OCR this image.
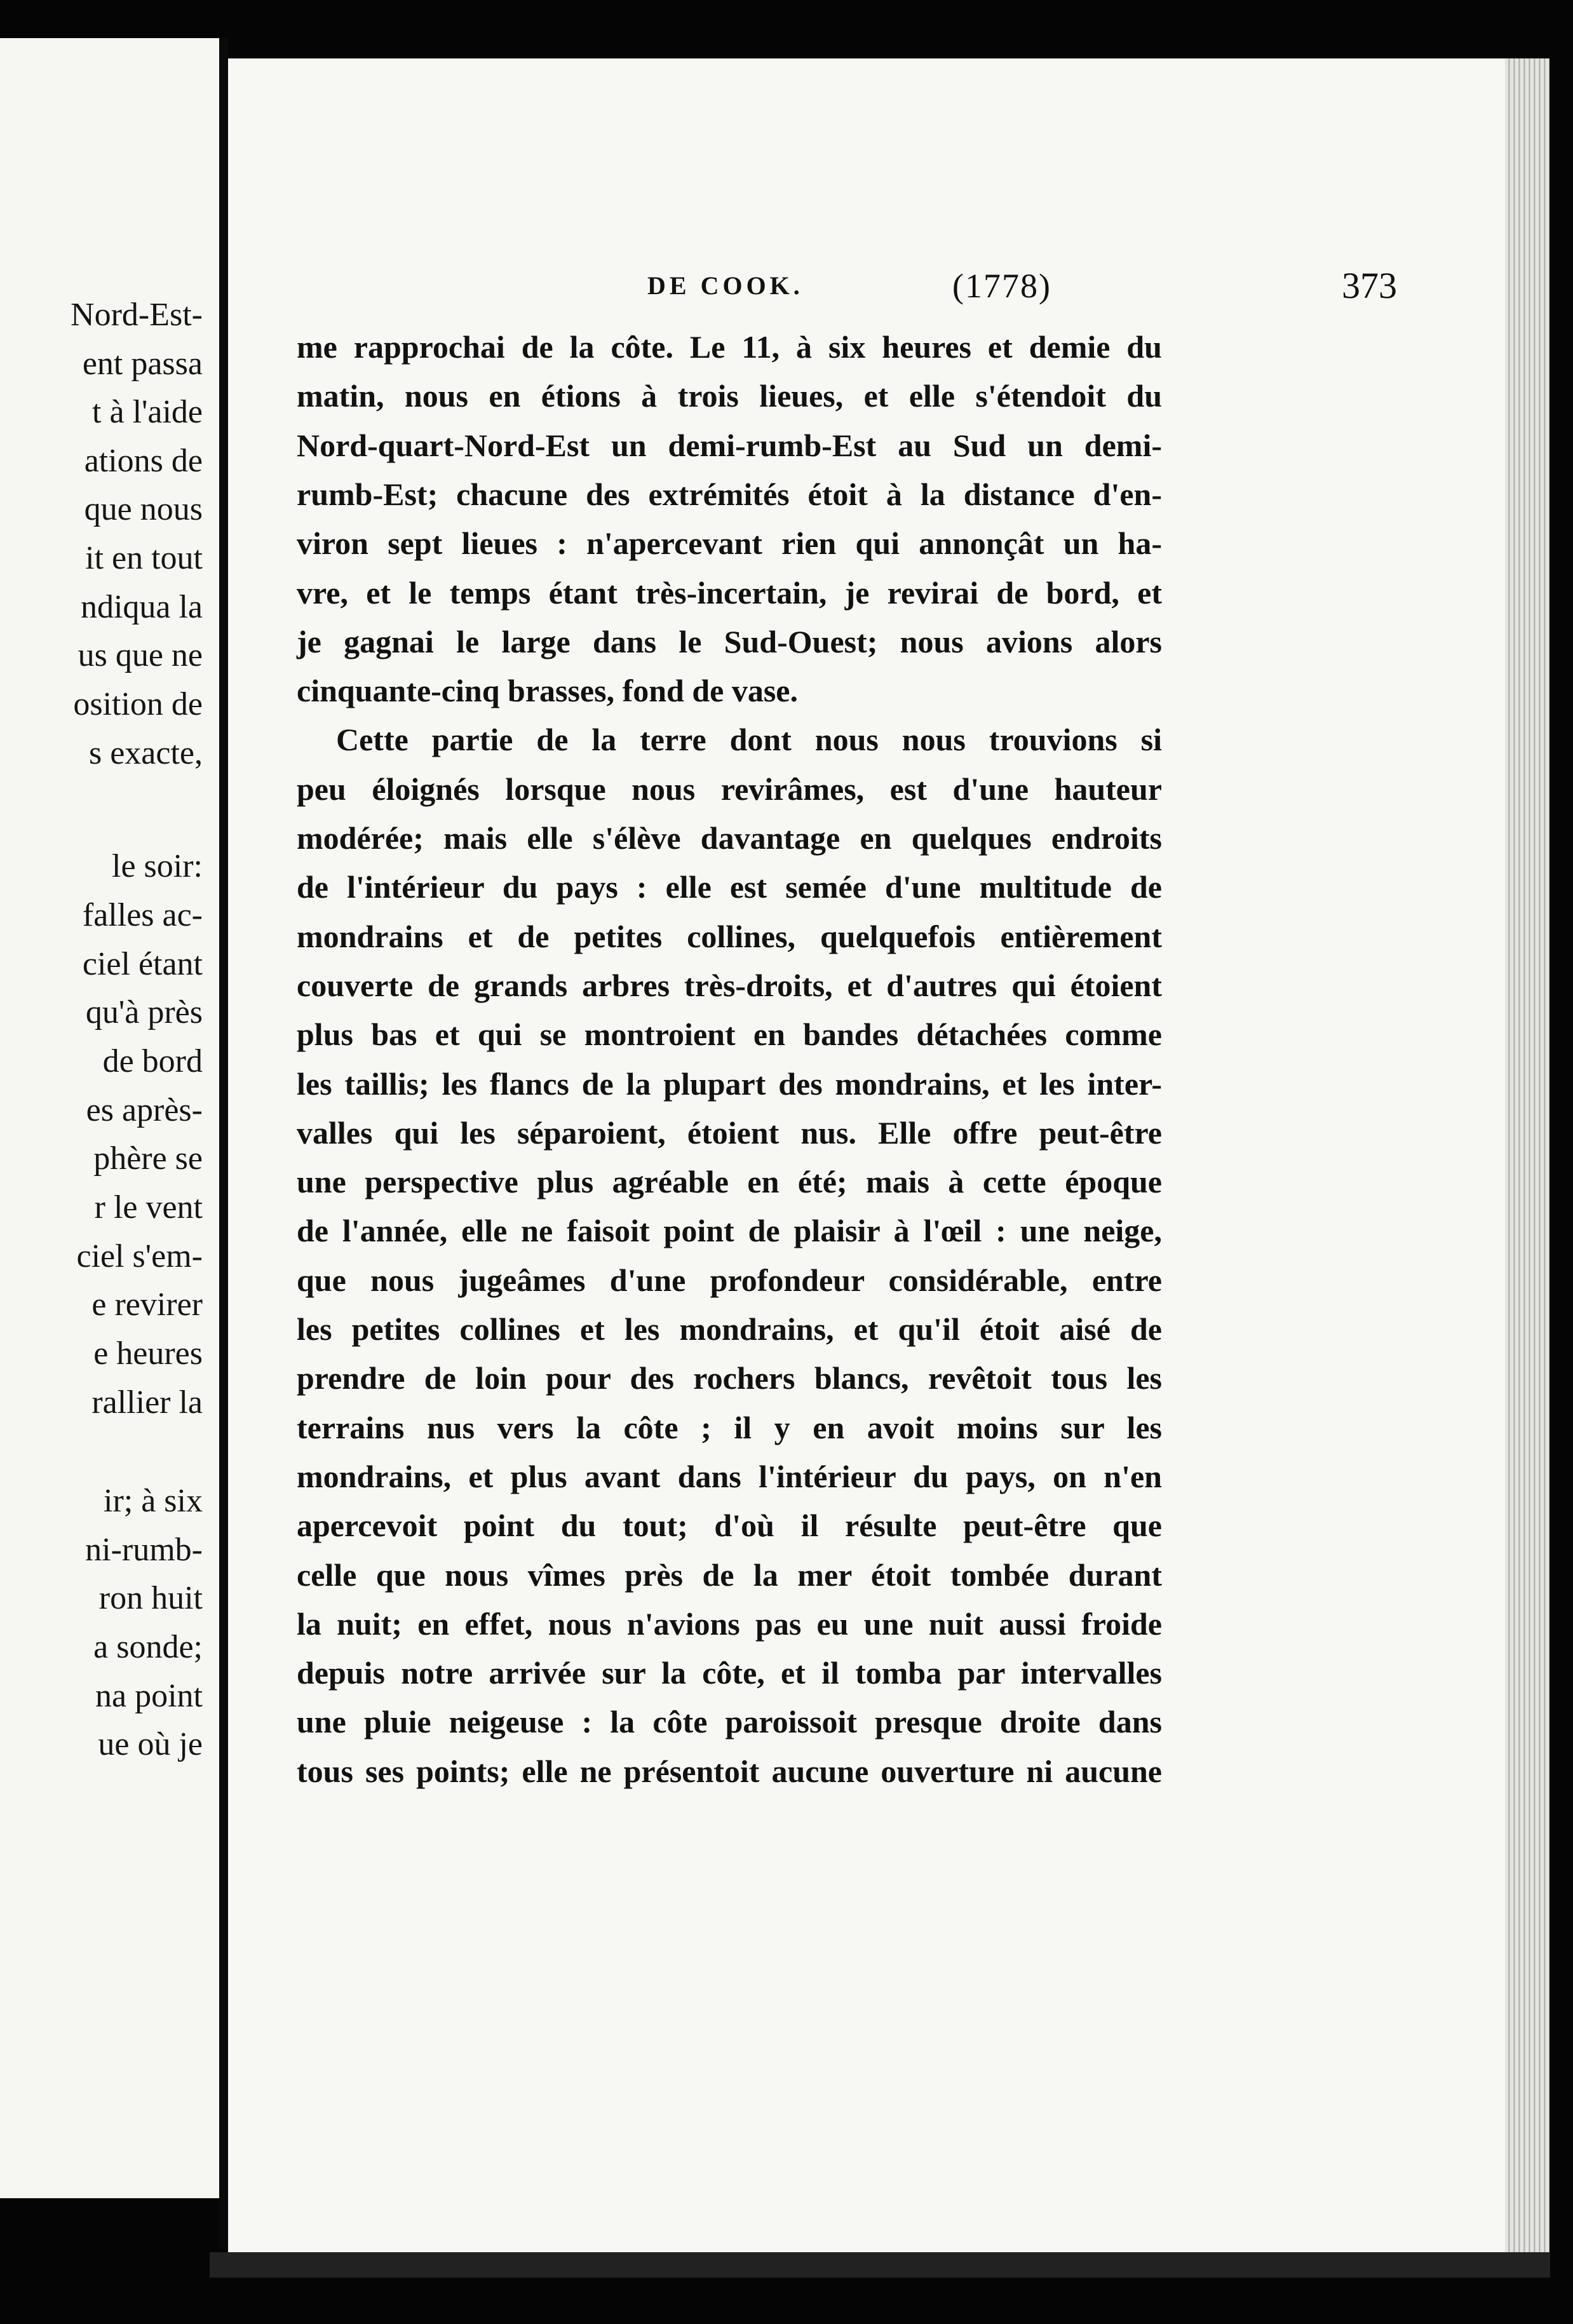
Nord-Est-
ent passa
t à l'aide
ations de
que nous
it en tout
ndiqua la
us que ne
osition de
s exacte,
le soir:
falles ac-
ciel étant
qu'à près
de bord
es après-
phère se
r le vent
ciel s'em-
e revirer
e heures
rallier la
ir; à six
ni-rumb-
ron huit
a sonde;
na point
ue où je
DE COOK.	(1778)	373
me rapprochai de la côte. Le 11, à six heures et demie du
matin, nous en étions à trois lieues, et elle s'étendoit du
Nord-quart-Nord-Est un demi-rumb-Est au Sud un demi-
rumb-Est; chacune des extrémités étoit à la distance d'en-
viron sept lieues : n'apercevant rien qui annonçât un ha-
vre, et le temps étant très-incertain, je revirai de bord, et
je gagnai le large dans le Sud-Ouest; nous avions alors
cinquante-cinq brasses, fond de vase.
Cette partie de la terre dont nous nous trouvions si
peu éloignés lorsque nous revirâmes, est d'une hauteur
modérée; mais elle s'élève davantage en quelques endroits
de l'intérieur du pays : elle est semée d'une multitude de
mondrains et de petites collines, quelquefois entièrement
couverte de grands arbres très-droits, et d'autres qui étoient
plus bas et qui se montroient en bandes détachées comme
les taillis; les flancs de la plupart des mondrains, et les inter-
valles qui les séparoient, étoient nus. Elle offre peut-être
une perspective plus agréable en été; mais à cette époque
de l'année, elle ne faisoit point de plaisir à l'œil : une neige,
que nous jugeâmes d'une profondeur considérable, entre
les petites collines et les mondrains, et qu'il étoit aisé de
prendre de loin pour des rochers blancs, revêtoit tous les
terrains nus vers la côte ; il y en avoit moins sur les
mondrains, et plus avant dans l'intérieur du pays, on n'en
apercevoit point du tout; d'où il résulte peut-être que
celle que nous vîmes près de la mer étoit tombée durant
la nuit; en effet, nous n'avions pas eu une nuit aussi froide
depuis notre arrivée sur la côte, et il tomba par intervalles
une pluie neigeuse : la côte paroissoit presque droite dans
tous ses points; elle ne présentoit aucune ouverture ni aucune
